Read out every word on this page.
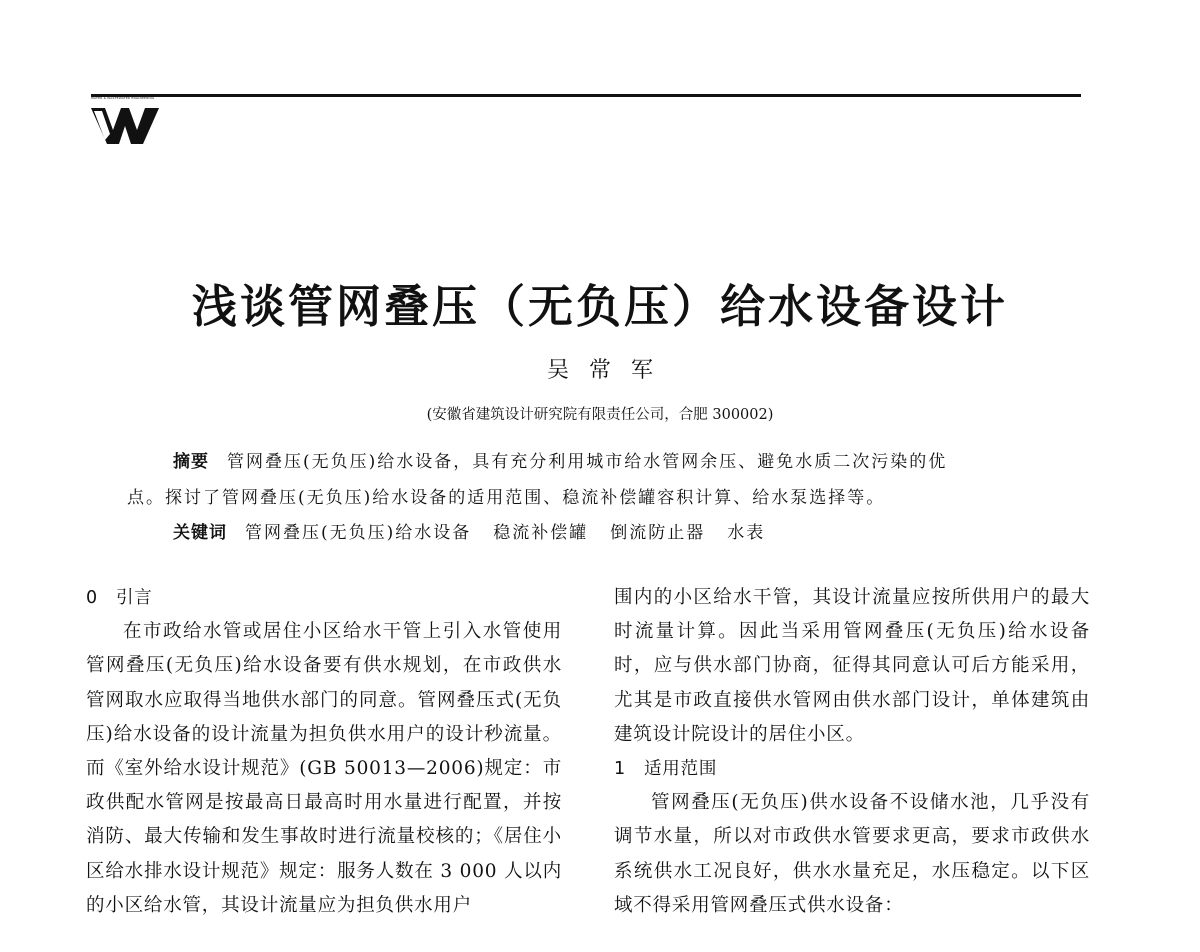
WATER & WASTEWATER ENGINEERING
浅谈管网叠压（无负压）给水设备设计
吴常军
(安徽省建筑设计研究院有限责任公司，合肥 300002)
摘要 管网叠压(无负压)给水设备，具有充分利用城市给水管网余压、避免水质二次污染的优
点。探讨了管网叠压(无负压)给水设备的适用范围、稳流补偿罐容积计算、给水泵选择等。
关键词 管网叠压(无负压)给水设备 稳流补偿罐 倒流防止器 水表

0 引言

在市政给水管或居住小区给水干管上引入水管使用管网叠压(无负压)给水设备要有供水规划，在市政供水管网取水应取得当地供水部门的同意。管网叠压式(无负压)给水设备的设计流量为担负供水用户的设计秒流量。而《室外给水设计规范》(GB 50013—2006)规定：市政供配水管网是按最高日最高时用水量进行配置，并按消防、最大传输和发生事故时进行流量校核的；《居住小区给水排水设计规范》规定：服务人数在 3 000 人以内的小区给水管，其设计流量应为担负供水用户

围内的小区给水干管，其设计流量应按所供用户的最大时流量计算。因此当采用管网叠压(无负压)给水设备时，应与供水部门协商，征得其同意认可后方能采用，尤其是市政直接供水管网由供水部门设计，单体建筑由建筑设计院设计的居住小区。

1 适用范围

管网叠压(无负压)供水设备不设储水池，几乎没有调节水量，所以对市政供水管要求更高，要求市政供水系统供水工况良好，供水水量充足，水压稳定。以下区域不得采用管网叠压式供水设备：
